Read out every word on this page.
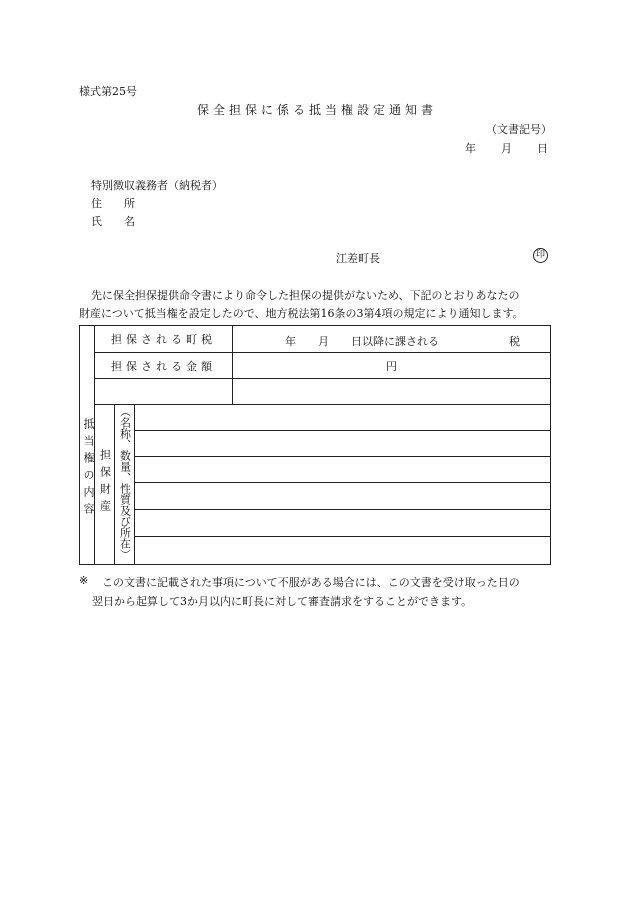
様式第25号
保全担保に係る抵当権設定通知書
（文書記号）
年　　月　　日
特別徴収義務者（納税者）
住　　所
氏　　名
江差町長	印
先に保全担保提供命令書により命令した担保の提供がないため、下記のとおりあなたの
財産について抵当権を設定したので、地方税法第16条の3第4項の規定により通知します。
抵当権の内容	担保される町税			年　　月　　日以降に課される 税

	担保される金額			円

	担保財産	（名称、数量、性質及び所在）		

※ この文書に記載された事項について不服がある場合には、この文書を受け取った日の
翌日から起算して3か月以内に町長に対して審査請求をすることができます。
